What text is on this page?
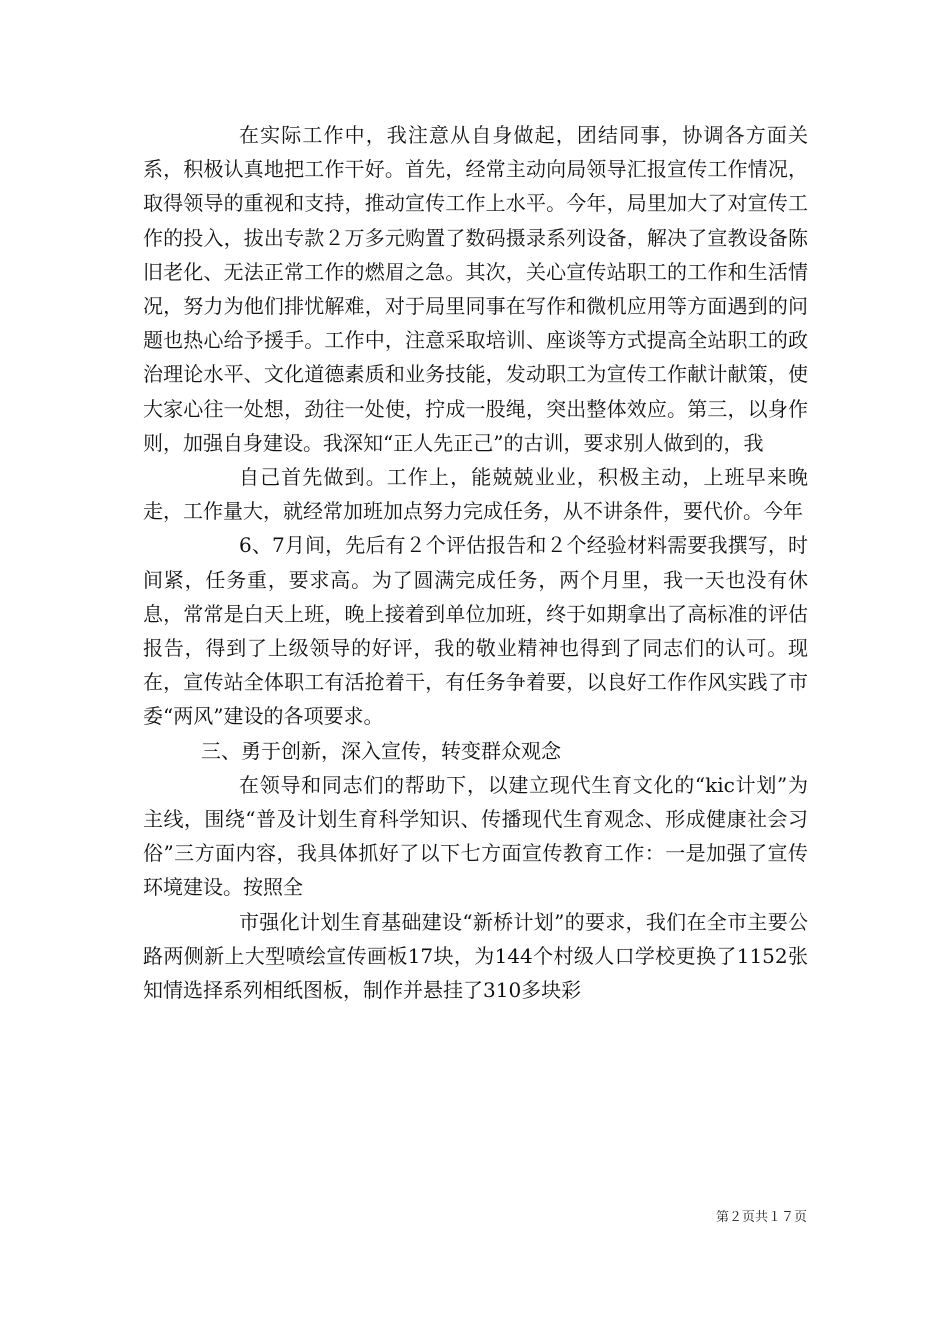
在实际工作中，我注意从自身做起，团结同事，协调各方面关系，积极认真地把工作干好。首先，经常主动向局领导汇报宣传工作情况，取得领导的重视和支持，推动宣传工作上水平。今年，局里加大了对宣传工作的投入，拔出专款２万多元购置了数码摄录系列设备，解决了宣教设备陈旧老化、无法正常工作的燃眉之急。其次，关心宣传站职工的工作和生活情况，努力为他们排忧解难，对于局里同事在写作和微机应用等方面遇到的问题也热心给予援手。工作中，注意采取培训、座谈等方式提高全站职工的政治理论水平、文化道德素质和业务技能，发动职工为宣传工作献计献策，使大家心往一处想，劲往一处使，拧成一股绳，突出整体效应。第三，以身作则，加强自身建设。我深知“正人先正己”的古训，要求别人做到的，我

自己首先做到。工作上，能兢兢业业，积极主动，上班早来晚走，工作量大，就经常加班加点努力完成任务，从不讲条件，要代价。今年

6、7月间，先后有２个评估报告和２个经验材料需要我撰写，时间紧，任务重，要求高。为了圆满完成任务，两个月里，我一天也没有休息，常常是白天上班，晚上接着到单位加班，终于如期拿出了高标准的评估报告，得到了上级领导的好评，我的敬业精神也得到了同志们的认可。现在，宣传站全体职工有活抢着干，有任务争着要，以良好工作作风实践了市委“两风”建设的各项要求。

三、勇于创新，深入宣传，转变群众观念

在领导和同志们的帮助下，以建立现代生育文化的“kic计划”为主线，围绕“普及计划生育科学知识、传播现代生育观念、形成健康社会习俗”三方面内容，我具体抓好了以下七方面宣传教育工作：一是加强了宣传环境建设。按照全

市强化计划生育基础建设“新桥计划”的要求，我们在全市主要公路两侧新上大型喷绘宣传画板17块，为144个村级人口学校更换了1152张知情选择系列相纸图板，制作并悬挂了310多块彩

第２页共１７页
